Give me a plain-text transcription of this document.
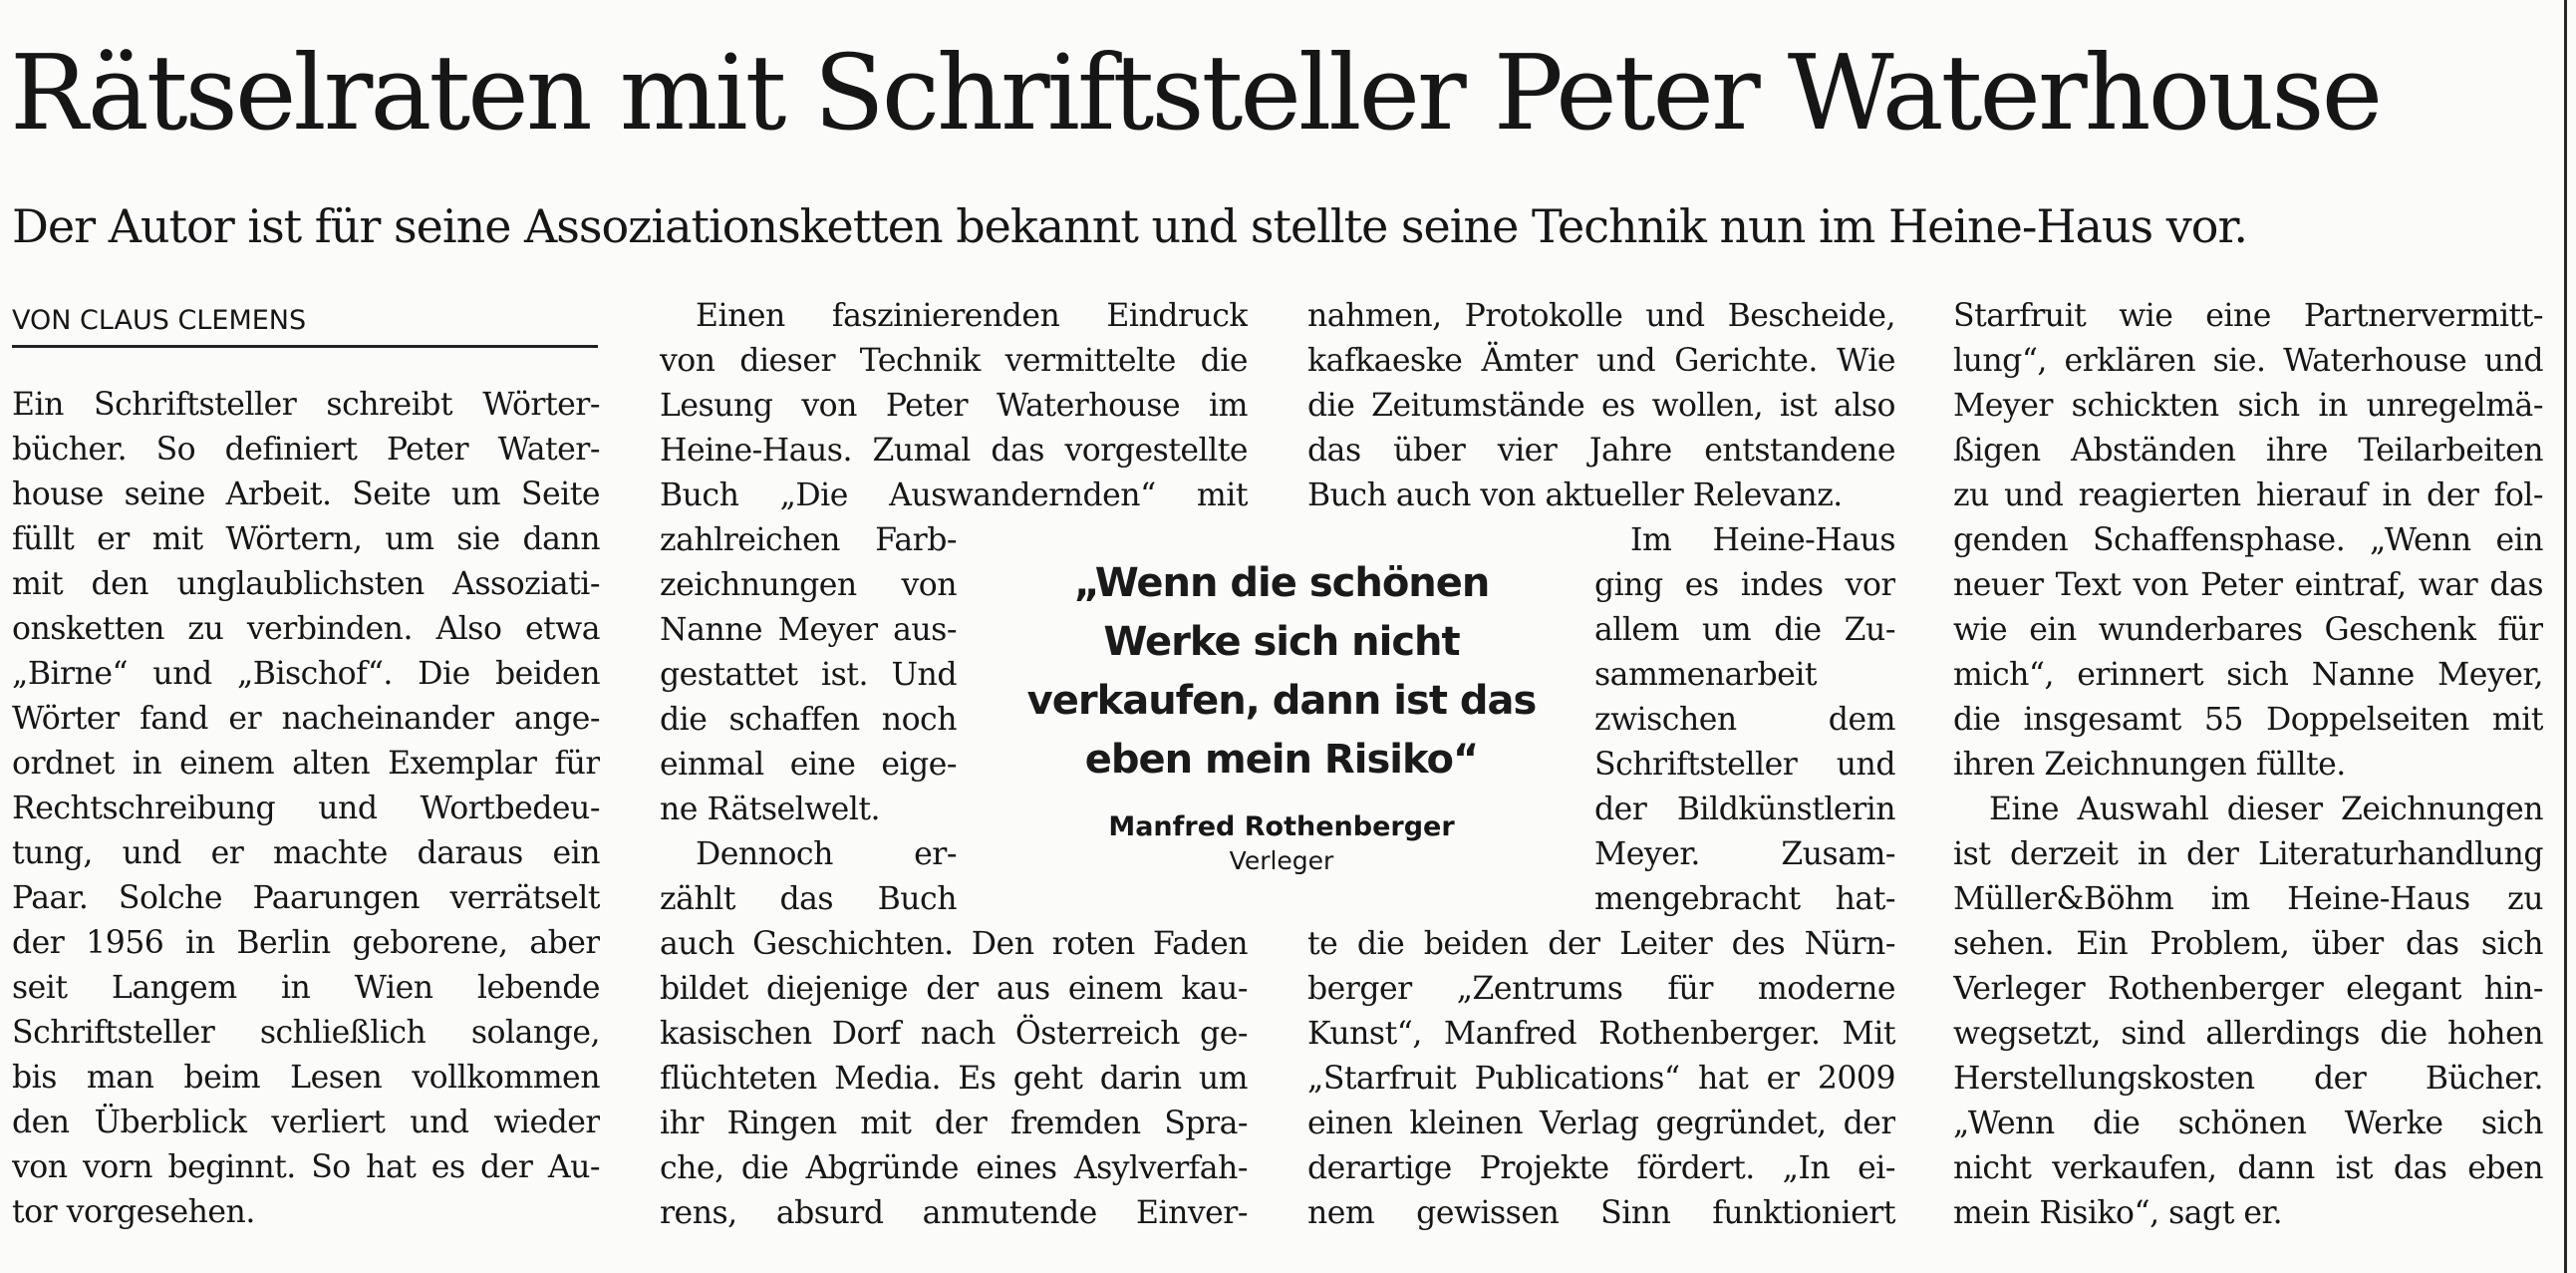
Rätselraten mit Schriftsteller Peter Waterhouse
Der Autor ist für seine Assoziationsketten bekannt und stellte seine Technik nun im Heine-Haus vor.
VON CLAUS CLEMENS
Ein Schriftsteller schreibt Wörter-
bücher. So definiert Peter Water-
house seine Arbeit. Seite um Seite
füllt er mit Wörtern, um sie dann
mit den unglaublichsten Assoziati-
onsketten zu verbinden. Also etwa
„Birne“ und „Bischof“. Die beiden
Wörter fand er nacheinander ange-
ordnet in einem alten Exemplar für
Rechtschreibung und Wortbedeu-
tung, und er machte daraus ein
Paar. Solche Paarungen verrätselt
der 1956 in Berlin geborene, aber
seit Langem in Wien lebende
Schriftsteller schließlich solange,
bis man beim Lesen vollkommen
den Überblick verliert und wieder
von vorn beginnt. So hat es der Au-
tor vorgesehen.
Einen faszinierenden Eindruck
von dieser Technik vermittelte die
Lesung von Peter Waterhouse im
Heine-Haus. Zumal das vorgestellte
Buch „Die Auswandernden“ mit
zahlreichen Farb-
zeichnungen von
Nanne Meyer aus-
gestattet ist. Und
die schaffen noch
einmal eine eige-
ne Rätselwelt.
Dennoch er-
zählt das Buch
auch Geschichten. Den roten Faden
bildet diejenige der aus einem kau-
kasischen Dorf nach Österreich ge-
flüchteten Media. Es geht darin um
ihr Ringen mit der fremden Spra-
che, die Abgründe eines Asylverfah-
rens, absurd anmutende Einver-
nahmen, Protokolle und Bescheide,
kafkaeske Ämter und Gerichte. Wie
die Zeitumstände es wollen, ist also
das über vier Jahre entstandene
Buch auch von aktueller Relevanz.
Im Heine-Haus
ging es indes vor
allem um die Zu-
sammenarbeit
zwischen dem
Schriftsteller und
der Bildkünstlerin
Meyer. Zusam-
mengebracht hat-
te die beiden der Leiter des Nürn-
berger „Zentrums für moderne
Kunst“, Manfred Rothenberger. Mit
„Starfruit Publications“ hat er 2009
einen kleinen Verlag gegründet, der
derartige Projekte fördert. „In ei-
nem gewissen Sinn funktioniert
Starfruit wie eine Partnervermitt-
lung“, erklären sie. Waterhouse und
Meyer schickten sich in unregelmä-
ßigen Abständen ihre Teilarbeiten
zu und reagierten hierauf in der fol-
genden Schaffensphase. „Wenn ein
neuer Text von Peter eintraf, war das
wie ein wunderbares Geschenk für
mich“, erinnert sich Nanne Meyer,
die insgesamt 55 Doppelseiten mit
ihren Zeichnungen füllte.
Eine Auswahl dieser Zeichnungen
ist derzeit in der Literaturhandlung
Müller&Böhm im Heine-Haus zu
sehen. Ein Problem, über das sich
Verleger Rothenberger elegant hin-
wegsetzt, sind allerdings die hohen
Herstellungskosten der Bücher.
„Wenn die schönen Werke sich
nicht verkaufen, dann ist das eben
mein Risiko“, sagt er.
„Wenn die schönen
Werke sich nicht
verkaufen, dann ist das
eben mein Risiko“
Manfred Rothenberger
Verleger
